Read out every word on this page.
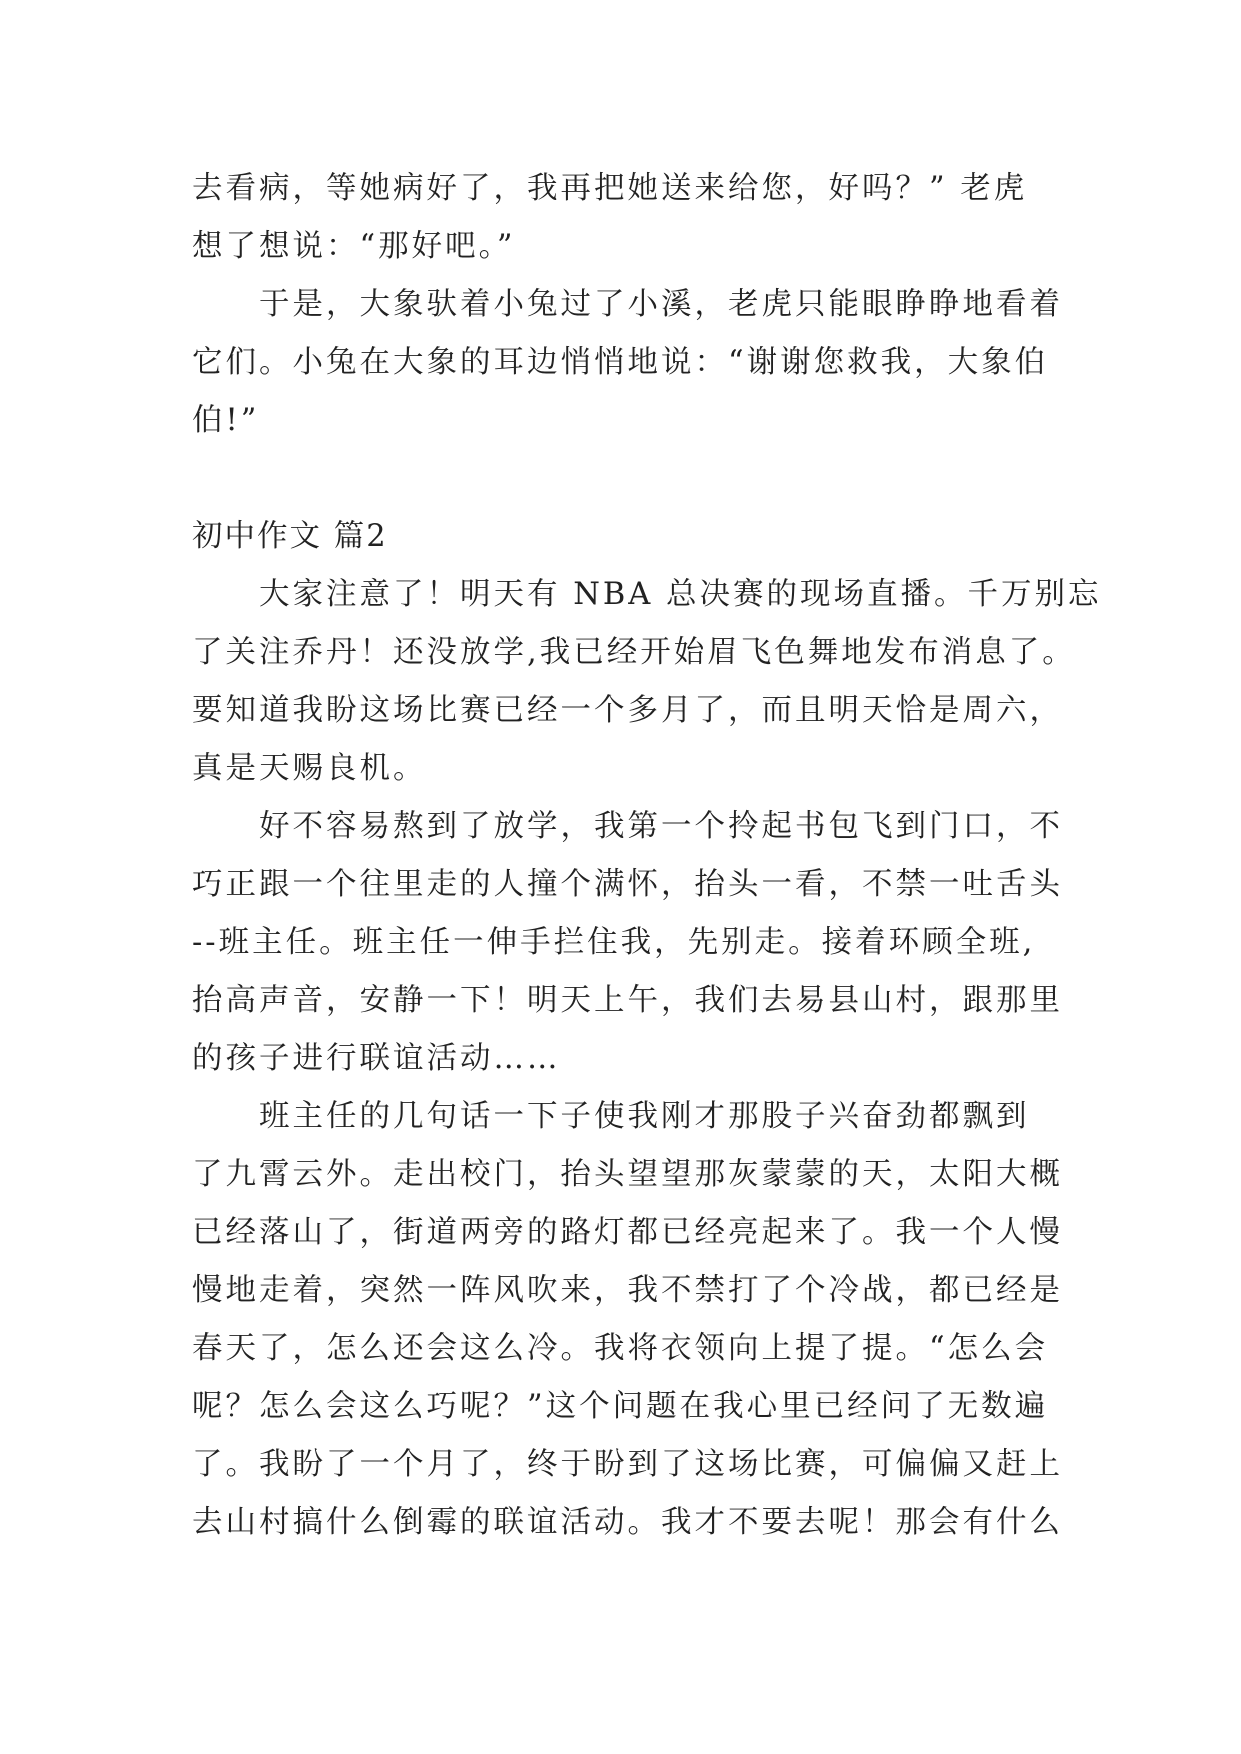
去看病，等她病好了，我再把她送来给您，好吗？” 老虎
想了想说：“那好吧。”
　　于是，大象驮着小兔过了小溪，老虎只能眼睁睁地看着
它们。小兔在大象的耳边悄悄地说：“谢谢您救我，大象伯
伯!”
初中作文 篇2
　　大家注意了！明天有 NBA 总决赛的现场直播。千万别忘
了关注乔丹！还没放学,我已经开始眉飞色舞地发布消息了。
要知道我盼这场比赛已经一个多月了，而且明天恰是周六，
真是天赐良机。
　　好不容易熬到了放学，我第一个拎起书包飞到门口，不
巧正跟一个往里走的人撞个满怀，抬头一看，不禁一吐舌头
--班主任。班主任一伸手拦住我，先别走。接着环顾全班,
抬高声音，安静一下！明天上午，我们去易县山村，跟那里
的孩子进行联谊活动……
　　班主任的几句话一下子使我刚才那股子兴奋劲都飘到
了九霄云外。走出校门，抬头望望那灰蒙蒙的天，太阳大概
已经落山了，街道两旁的路灯都已经亮起来了。我一个人慢
慢地走着，突然一阵风吹来，我不禁打了个冷战，都已经是
春天了，怎么还会这么冷。我将衣领向上提了提。“怎么会
呢？怎么会这么巧呢？”这个问题在我心里已经问了无数遍
了。我盼了一个月了，终于盼到了这场比赛，可偏偏又赶上
去山村搞什么倒霉的联谊活动。我才不要去呢！那会有什么
